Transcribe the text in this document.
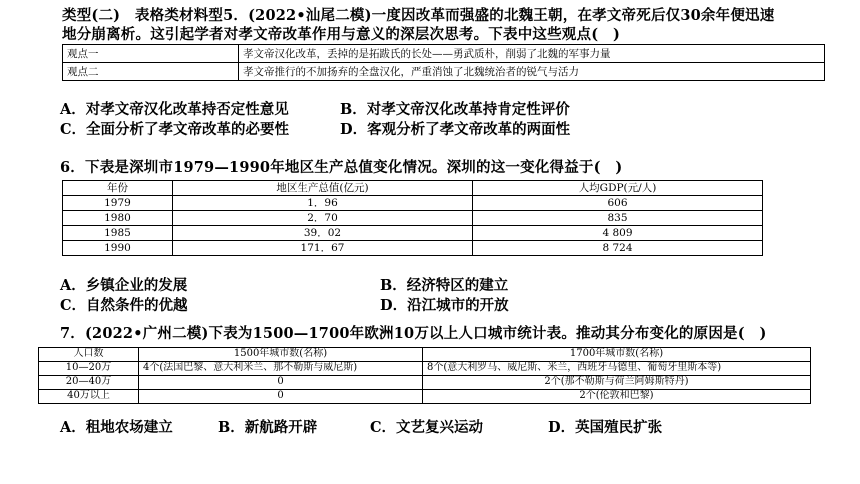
类型(二)　表格类材料型5．(2022•汕尾二模)一度因改革而强盛的北魏王朝，在孝文帝死后仅30余年便迅速
地分崩离析。这引起学者对孝文帝改革作用与意义的深层次思考。下表中这些观点(　)
观点一	孝文帝汉化改革，丢掉的是拓跋氏的长处——勇武质朴，削弱了北魏的军事力量
观点二	孝文帝推行的不加扬弃的全盘汉化，严重消蚀了北魏统治者的锐气与活力
A．对孝文帝汉化改革持否定性意见	B．对孝文帝汉化改革持肯定性评价
C．全面分析了孝文帝改革的必要性	D．客观分析了孝文帝改革的两面性
6．下表是深圳市1979—1990年地区生产总值变化情况。深圳的这一变化得益于(　)
年份	地区生产总值(亿元)	人均GDP(元/人)
1979	1．96	606
1980	2．70	835
1985	39．02	4 809
1990	171．67	8 724
A．乡镇企业的发展	B．经济特区的建立
C．自然条件的优越	D．沿江城市的开放
7．(2022•广州二模)下表为1500—1700年欧洲10万以上人口城市统计表。推动其分布变化的原因是(　)
人口数	1500年城市数(名称)	1700年城市数(名称)
10—20万	4个(法国巴黎、意大利米兰、那不勒斯与威尼斯)	8个(意大利罗马、威尼斯、米兰，西班牙马德里、葡萄牙里斯本等)
20—40万	0	2个(那不勒斯与荷兰阿姆斯特丹)
40万以上	0	2个(伦敦和巴黎)
A．租地农场建立	B．新航路开辟	C．文艺复兴运动	D．英国殖民扩张
